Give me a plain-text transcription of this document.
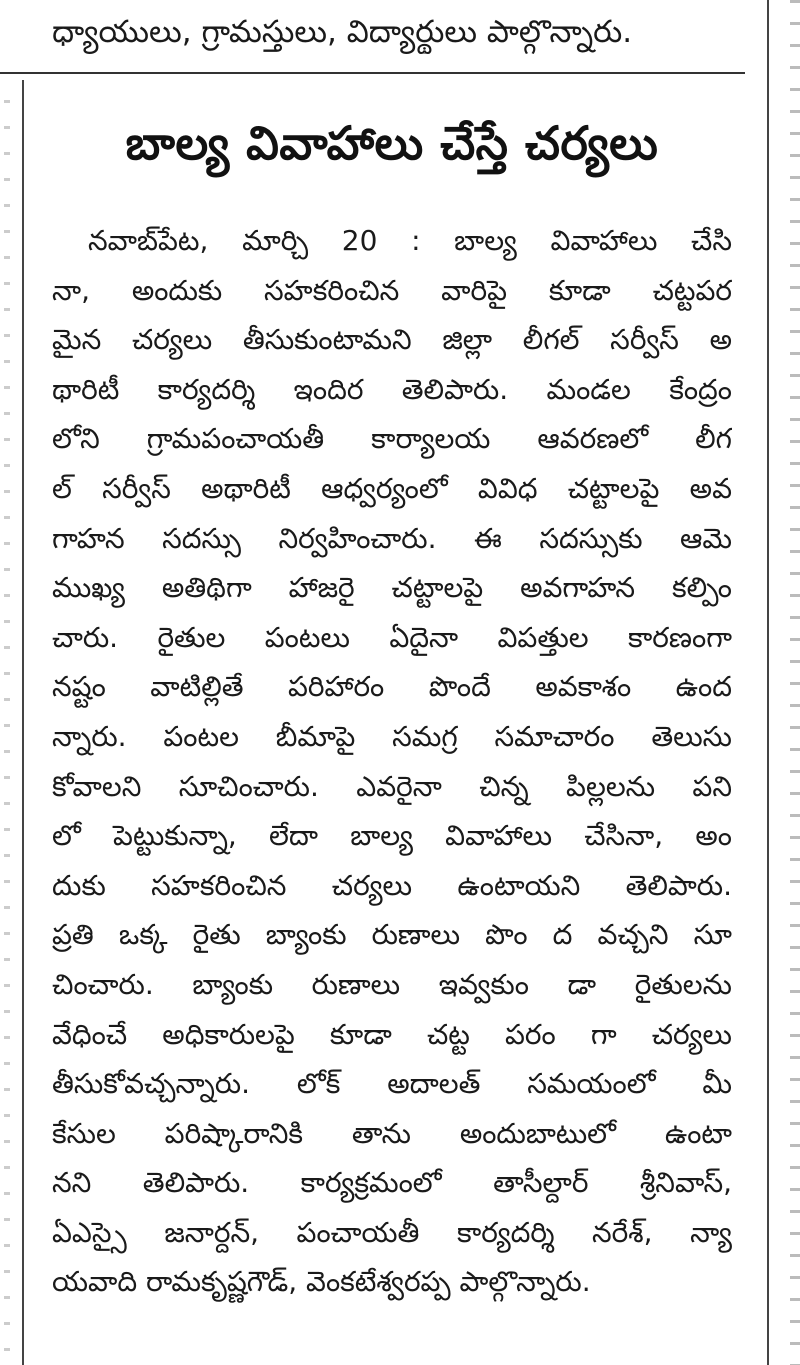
ధ్యాయులు, గ్రామస్తులు, విద్యార్థులు పాల్గొన్నారు.
బాల్య వివాహాలు చేస్తే చర్యలు
నవాబ్‌పేట, మార్చి 20 : బాల్య వివాహాలు చేసి
నా, అందుకు సహకరించిన వారిపై కూడా చట్టపర
మైన చర్యలు తీసుకుంటామని జిల్లా లీగల్ సర్వీస్ అ
థారిటీ కార్యదర్శి ఇందిర తెలిపారు. మండల కేంద్రం
లోని గ్రామపంచాయతీ కార్యాలయ ఆవరణలో లీగ
ల్ సర్వీస్ అథారిటీ ఆధ్వర్యంలో వివిధ చట్టాలపై అవ
గాహన సదస్సు నిర్వహించారు. ఈ సదస్సుకు ఆమె
ముఖ్య అతిథిగా హాజరై చట్టాలపై అవగాహన కల్పిం
చారు. రైతుల పంటలు ఏదైనా విపత్తుల కారణంగా
నష్టం వాటిల్లితే పరిహారం పొందే అవకాశం ఉంద
న్నారు. పంటల బీమాపై సమగ్ర సమాచారం తెలుసు
కోవాలని సూచించారు. ఎవరైనా చిన్న పిల్లలను పని
లో పెట్టుకున్నా, లేదా బాల్య వివాహాలు చేసినా, అం
దుకు సహకరించిన చర్యలు ఉంటాయని తెలిపారు.
ప్రతి ఒక్క రైతు బ్యాంకు రుణాలు పొం ద వచ్చని సూ
చించారు. బ్యాంకు రుణాలు ఇవ్వకుం డా రైతులను
వేధించే అధికారులపై కూడా చట్ట పరం గా చర్యలు
తీసుకోవచ్చన్నారు. లోక్ అదాలత్ సమయంలో మీ
కేసుల పరిష్కారానికి తాను అందుబాటులో ఉంటా
నని తెలిపారు. కార్యక్రమంలో తాసీల్దార్ శ్రీనివాస్,
ఏఎస్సై జనార్దన్, పంచాయతీ కార్యదర్శి నరేశ్, న్యా
యవాది రామకృష్ణగౌడ్, వెంకటేశ్వరప్ప పాల్గొన్నారు.
